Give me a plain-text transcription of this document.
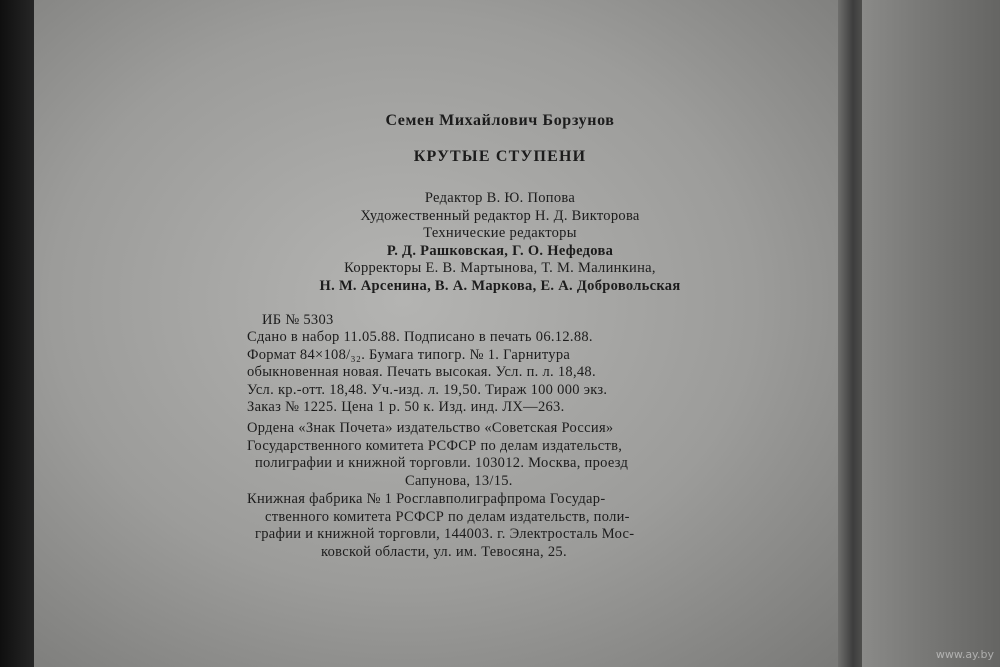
Семен Михайлович Борзунов
КРУТЫЕ СТУПЕНИ
Редактор В. Ю. Попова
Художественный редактор Н. Д. Викторова
Технические редакторы
Р. Д. Рашковская, Г. О. Нефедова
Корректоры Е. В. Мартынова, Т. М. Малинкина,
Н. М. Арсенина, В. А. Маркова, Е. А. Добровольская
ИБ № 5303
Сдано в набор 11.05.88. Подписано в печать 06.12.88.
Формат 84×108/₃₂. Бумага типогр. № 1. Гарнитура
обыкновенная новая. Печать высокая. Усл. п. л. 18,48.
Усл. кр.-отт. 18,48. Уч.-изд. л. 19,50. Тираж 100 000 экз.
Заказ № 1225. Цена 1 р. 50 к. Изд. инд. ЛХ—263.
Ордена «Знак Почета» издательство «Советская Россия»
Государственного комитета РСФСР по делам издательств,
полиграфии и книжной торговли. 103012. Москва, проезд
Сапунова, 13/15.
Книжная фабрика № 1 Росглавполиграфпрома Государ-
ственного комитета РСФСР по делам издательств, поли-
графии и книжной торговли, 144003. г. Электросталь Мос-
ковской области, ул. им. Тевосяна, 25.
www.ay.by
